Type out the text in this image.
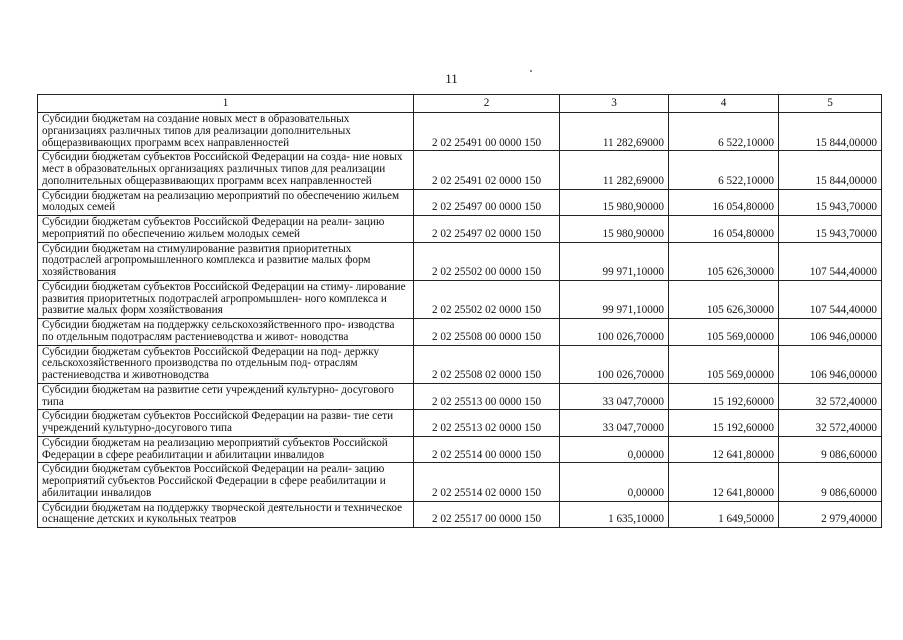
11
1	2	3	4	5
Субсидии бюджетам на создание новых мест в образовательных организациях различных типов для реализации дополнительных общеразвивающих программ всех направленностей	2 02 25491 00 0000 150	11 282,69000	6 522,10000	15 844,00000
Субсидии бюджетам субъектов Российской Федерации на созда- ние новых мест в образовательных организациях различных типов для реализации дополнительных общеразвивающих программ всех направленностей	2 02 25491 02 0000 150	11 282,69000	6 522,10000	15 844,00000
Субсидии бюджетам на реализацию мероприятий по обеспечению жильем молодых семей	2 02 25497 00 0000 150	15 980,90000	16 054,80000	15 943,70000
Субсидии бюджетам субъектов Российской Федерации на реали- зацию мероприятий по обеспечению жильем молодых семей	2 02 25497 02 0000 150	15 980,90000	16 054,80000	15 943,70000
Субсидии бюджетам на стимулирование развития приоритетных подотраслей агропромышленного комплекса и развитие малых форм хозяйствования	2 02 25502 00 0000 150	99 971,10000	105 626,30000	107 544,40000
Субсидии бюджетам субъектов Российской Федерации на стиму- лирование развития приоритетных подотраслей агропромышлен- ного комплекса и развитие малых форм хозяйствования	2 02 25502 02 0000 150	99 971,10000	105 626,30000	107 544,40000
Субсидии бюджетам на поддержку сельскохозяйственного про- изводства по отдельным подотраслям растениеводства и живот- новодства	2 02 25508 00 0000 150	100 026,70000	105 569,00000	106 946,00000
Субсидии бюджетам субъектов Российской Федерации на под- держку сельскохозяйственного производства по отдельным под- отраслям растениеводства и животноводства	2 02 25508 02 0000 150	100 026,70000	105 569,00000	106 946,00000
Субсидии бюджетам на развитие сети учреждений культурно- досугового типа	2 02 25513 00 0000 150	33 047,70000	15 192,60000	32 572,40000
Субсидии бюджетам субъектов Российской Федерации на разви- тие сети учреждений культурно-досугового типа	2 02 25513 02 0000 150	33 047,70000	15 192,60000	32 572,40000
Субсидии бюджетам на реализацию мероприятий субъектов Российской Федерации в сфере реабилитации и абилитации инвалидов	2 02 25514 00 0000 150	0,00000	12 641,80000	9 086,60000
Субсидии бюджетам субъектов Российской Федерации на реали- зацию мероприятий субъектов Российской Федерации в сфере реабилитации и абилитации инвалидов	2 02 25514 02 0000 150	0,00000	12 641,80000	9 086,60000
Субсидии бюджетам на поддержку творческой деятельности и техническое оснащение детских и кукольных театров	2 02 25517 00 0000 150	1 635,10000	1 649,50000	2 979,40000
